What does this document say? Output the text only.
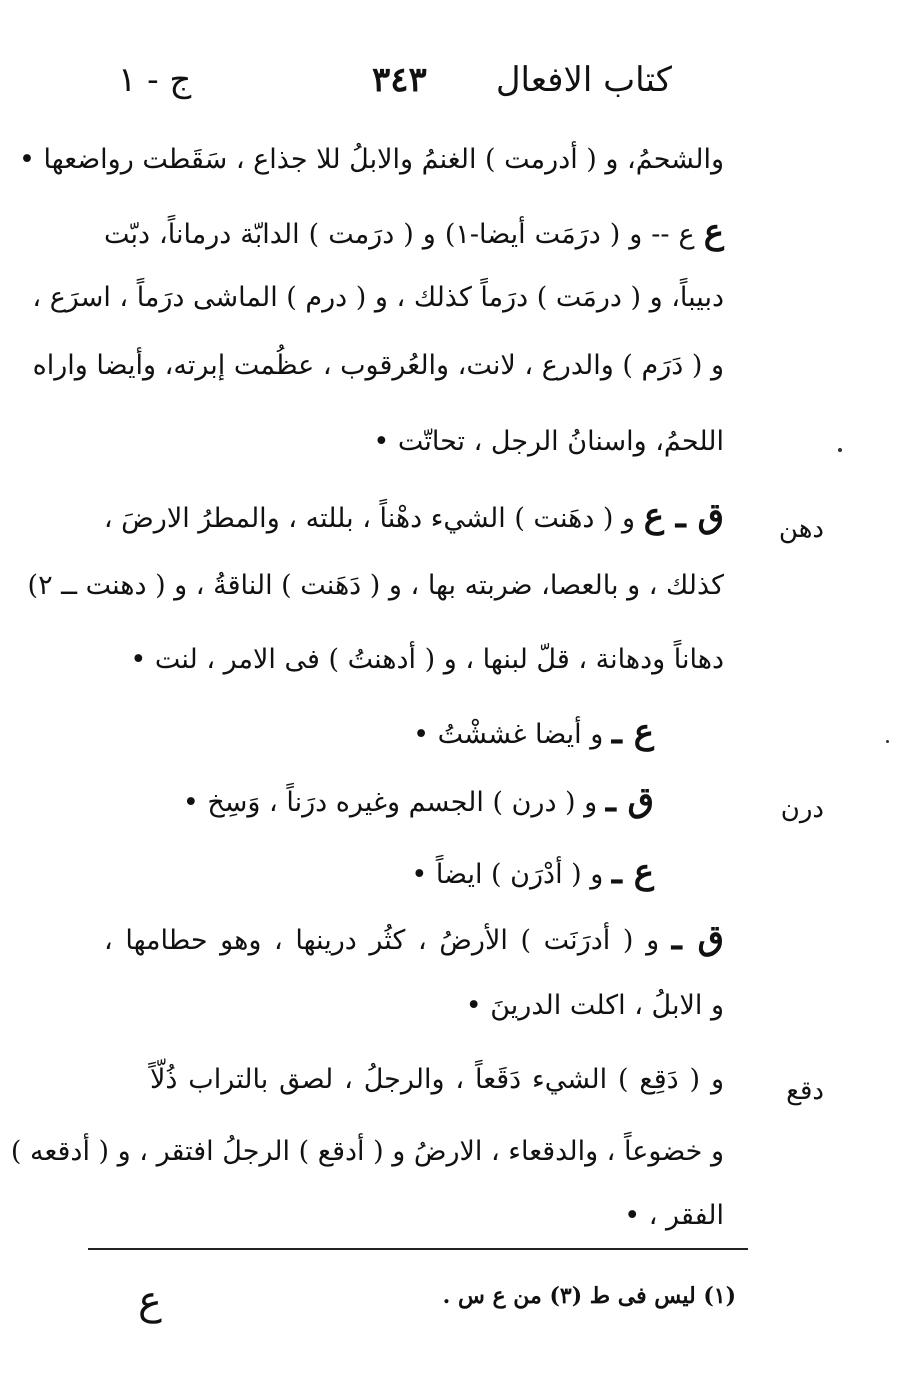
كتاب الافعال
٣٤٣
ج - ١
والشحمُ، و ( أدرمت ) الغنمُ والابلُ للا جذاع ، سَقَطت رواضعها •
ع ع -- و ( درَمَت أيضا-١) و ( درَمت ) الدابّة درماناً، دبّت
دبيباً، و ( درمَت ) درَماً كذلك ، و ( درم ) الماشى درَماً ، اسرَع ،
و ( دَرَم ) والدرع ، لانت، والعُرقوب ، عظُمت إبرته، وأيضا واراه
اللحمُ، واسنانُ الرجل ، تحاتّت •
دهن
ق ـ ع و ( دهَنت ) الشيء دهْناً ، بللته ، والمطرُ الارضَ ،
كذلك ، و بالعصا، ضربته بها ، و ( دَهَنت ) الناقةُ ، و ( دهنت ــ ٢)
دهاناً ودهانة ، قلّ لبنها ، و ( أدهنتُ ) فى الامر ، لنت •
ع ـ و أيضا غششْتُ •
درن
ق ـ و ( درن ) الجسم وغيره درَناً ، وَسِخ •
ع ـ و ( أدْرَن ) ايضاً •
ق ـ و ( أدرَنَت ) الأرضُ ، كثُر درينها ، وهو حطامها ،
و الابلُ ، اكلت الدرينَ •
دقع
و ( دَقِع ) الشيء دَقَعاً ، والرجلُ ، لصق بالتراب ذُلّاً
و خضوعاً ، والدقعاء ، الارضُ و ( أدقع ) الرجلُ افتقر ، و ( أدقعه )
الفقر ، •
(١) ليس فى ط (٣) من ع س .
ع
